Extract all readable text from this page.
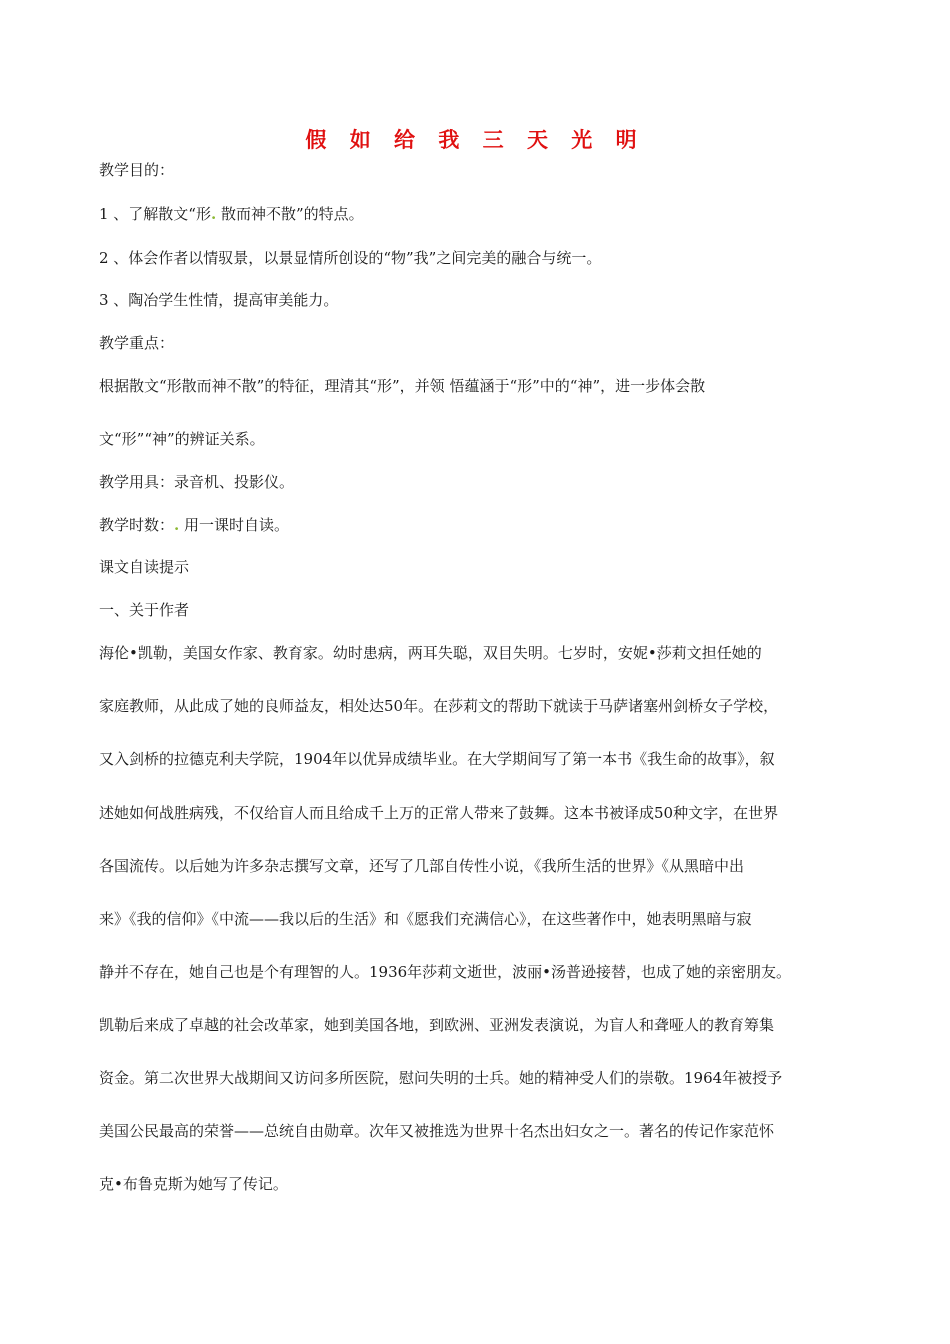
假 如 给 我 三 天 光 明
教学目的：
1 、了解散文“形. 散而神不散”的特点。
2 、体会作者以情驭景，以景显情所创设的“物”我”之间完美的融合与统一。
3 、陶冶学生性情，提高审美能力。
教学重点：
根据散文“形散而神不散”的特征，理清其“形”，并领 悟蕴涵于“形”中的“神”，进一步体会散
文“形”“神”的辨证关系。
教学用具：录音机、投影仪。
教学时数：. 用一课时自读。
课文自读提示
一、关于作者
海伦•凯勒，美国女作家、教育家。幼时患病，两耳失聪，双目失明。七岁时，安妮•莎莉文担任她的
家庭教师，从此成了她的良师益友，相处达50年。在莎莉文的帮助下就读于马萨诸塞州剑桥女子学校，
又入剑桥的拉德克利夫学院，1904年以优异成绩毕业。在大学期间写了第一本书《我生命的故事》，叙
述她如何战胜病残，不仅给盲人而且给成千上万的正常人带来了鼓舞。这本书被译成50种文字，在世界
各国流传。以后她为许多杂志撰写文章，还写了几部自传性小说，《我所生活的世界》《从黑暗中出
来》《我的信仰》《中流——我以后的生活》和《愿我们充满信心》，在这些著作中，她表明黑暗与寂
静并不存在，她自己也是个有理智的人。1936年莎莉文逝世，波丽•汤普逊接替，也成了她的亲密朋友。
凯勒后来成了卓越的社会改革家，她到美国各地，到欧洲、亚洲发表演说，为盲人和聋哑人的教育筹集
资金。第二次世界大战期间又访问多所医院，慰问失明的士兵。她的精神受人们的崇敬。1964年被授予
美国公民最高的荣誉——总统自由勋章。次年又被推选为世界十名杰出妇女之一。著名的传记作家范怀
克•布鲁克斯为她写了传记。
